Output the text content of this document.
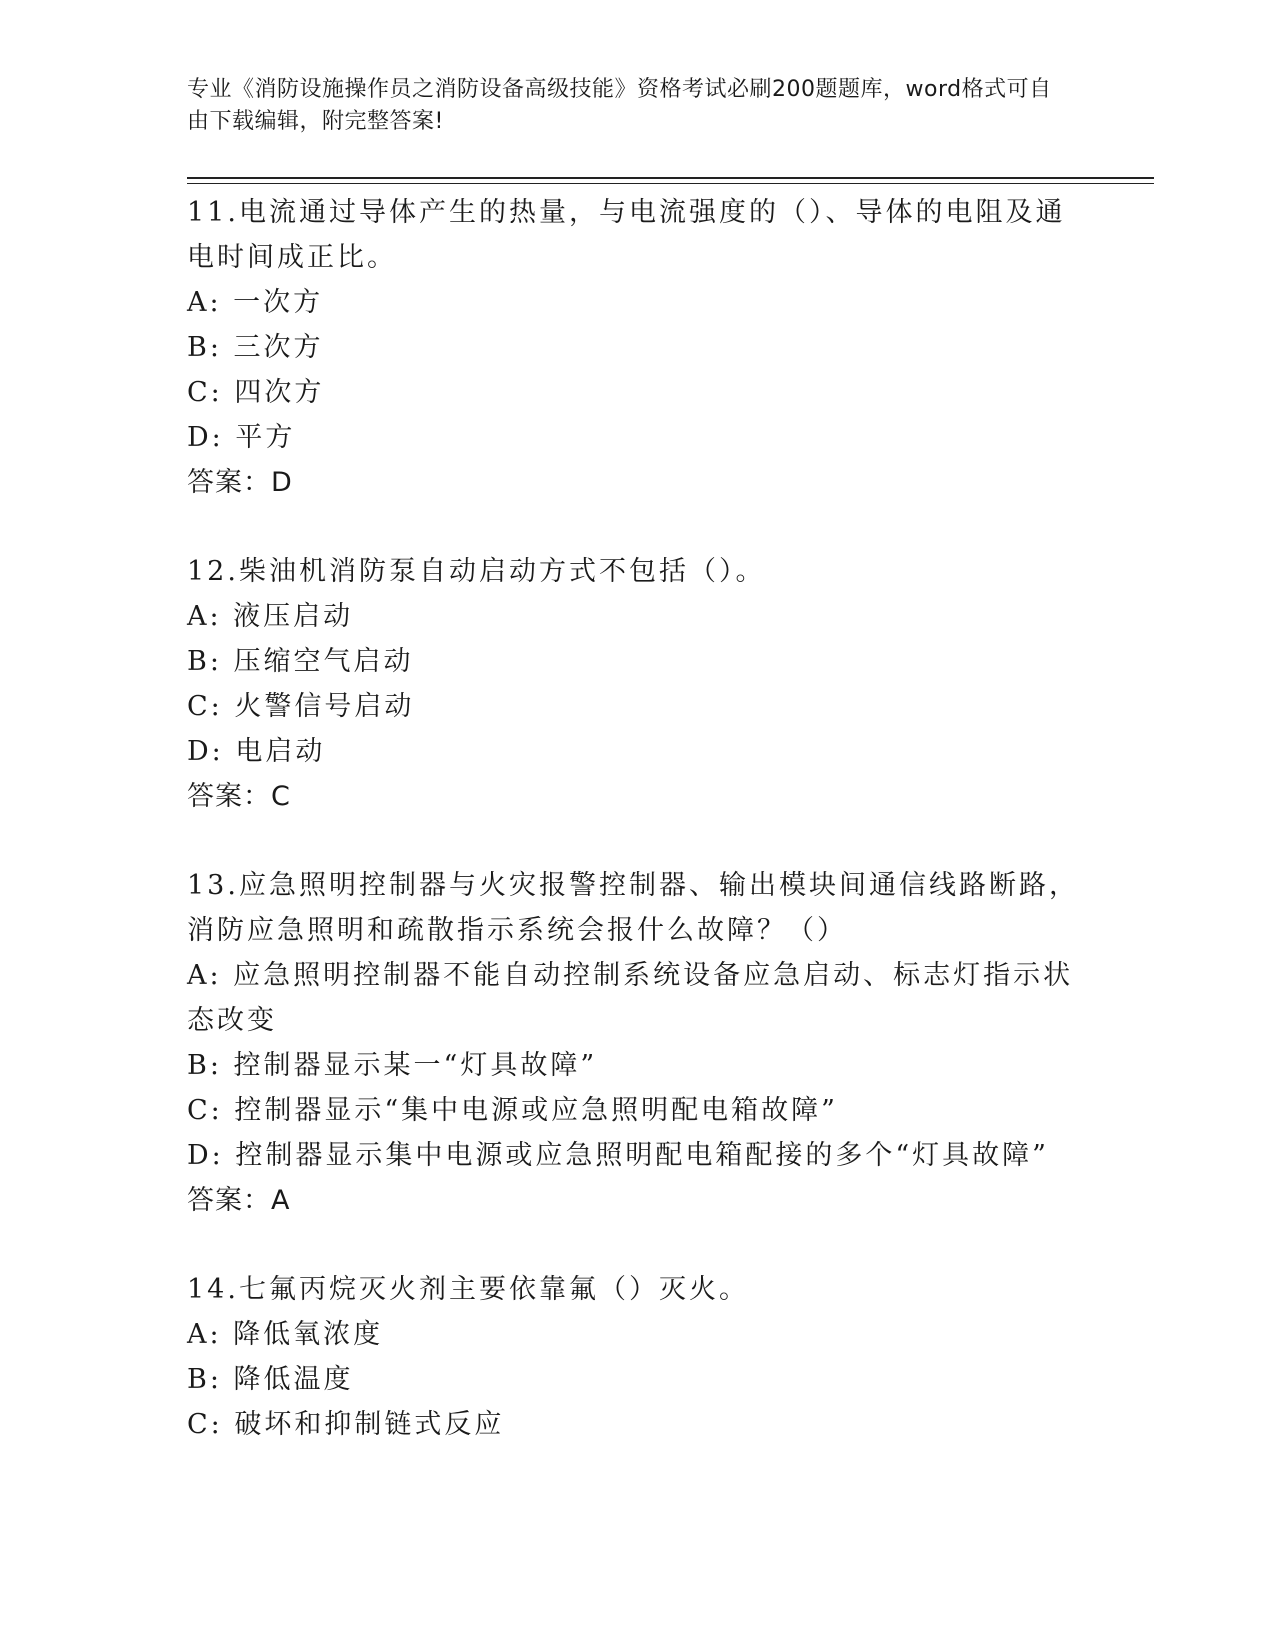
专业《消防设施操作员之消防设备高级技能》资格考试必刷200题题库，word格式可自由下载编辑，附完整答案!

11.电流通过导体产生的热量，与电流强度的（）、导体的电阻及通电时间成正比。

A: 一次方

B: 三次方

C: 四次方

D: 平方

答案：D

12.柴油机消防泵自动启动方式不包括（）。

A: 液压启动

B: 压缩空气启动

C: 火警信号启动

D: 电启动

答案：C

13.应急照明控制器与火灾报警控制器、输出模块间通信线路断路，消防应急照明和疏散指示系统会报什么故障？（）

A: 应急照明控制器不能自动控制系统设备应急启动、标志灯指示状态改变

B: 控制器显示某一“灯具故障”

C: 控制器显示“集中电源或应急照明配电箱故障”

D: 控制器显示集中电源或应急照明配电箱配接的多个“灯具故障”

答案：A

14.七氟丙烷灭火剂主要依靠氟（）灭火。

A: 降低氧浓度

B: 降低温度

C: 破坏和抑制链式反应
